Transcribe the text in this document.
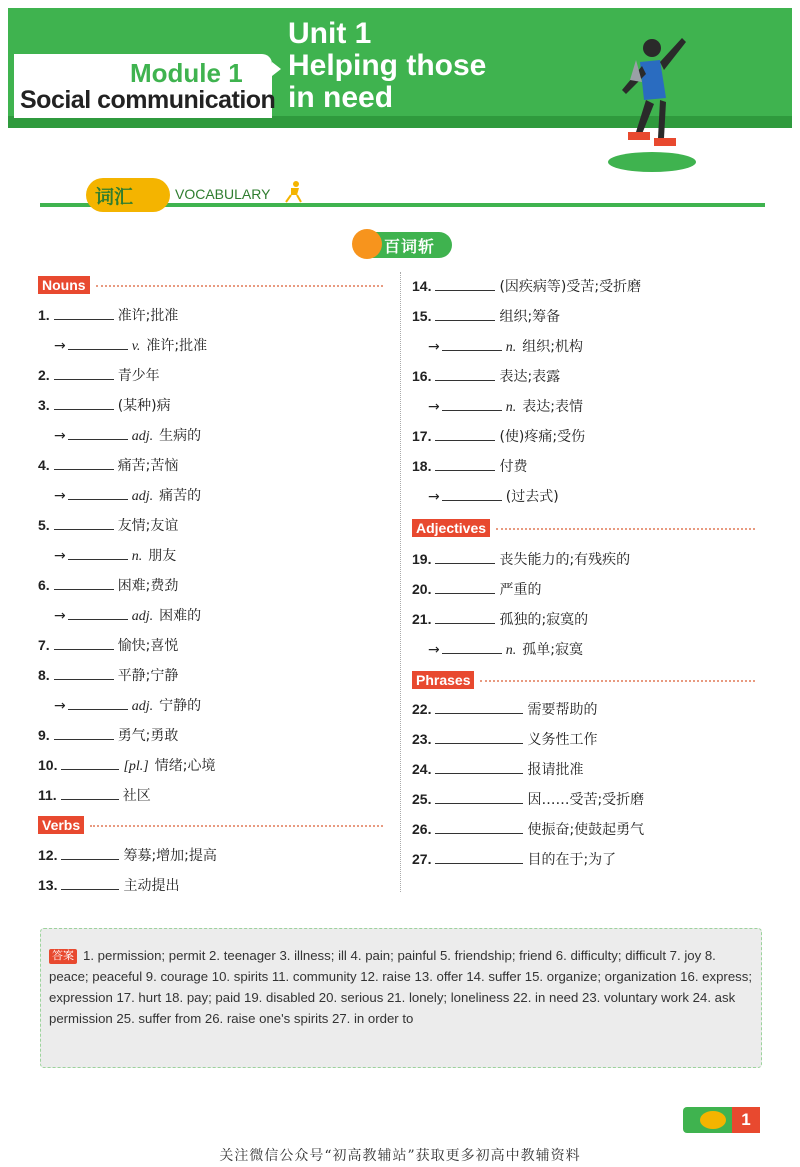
Module 1
Social communication
Unit 1
Helping those
in need
词汇	VOCABULARY
百词斩
Nouns
1.	准许;批准
→	v. 准许;批准
2.	青少年
3.	(某种)病
→	adj. 生病的
4.	痛苦;苦恼
→	adj. 痛苦的
5.	友情;友谊
→	n. 朋友
6.	困难;费劲
→	adj. 困难的
7.	愉快;喜悦
8.	平静;宁静
→	adj. 宁静的
9.	勇气;勇敢
10.	[pl.] 情绪;心境
11.	社区
12.	筹募;增加;提高
13.	主动提出
Verbs
14.	(因疾病等)受苦;受折磨
15.	组织;筹备
→	n. 组织;机构
16.	表达;表露
→	n. 表达;表情
17.	(使)疼痛;受伤
18.	付费
→	(过去式)
19.	丧失能力的;有残疾的
20.	严重的
21.	孤独的;寂寞的
→	n. 孤单;寂寞
22.	需要帮助的
23.	义务性工作
24.	报请批准
25.	因……受苦;受折磨
26.	使振奋;使鼓起勇气
27.	目的在于;为了
Adjectives
Phrases
答案 1. permission; permit 2. teenager 3. illness; ill 4. pain; painful 5. friendship; friend 6. difficulty; difficult 7. joy 8. peace; peaceful 9. courage 10. spirits 11. community 12. raise 13. offer 14. suffer 15. organize; organization 16. express; expression 17. hurt 18. pay; paid 19. disabled 20. serious 21. lonely; loneliness 22. in need 23. voluntary work 24. ask permission 25. suffer from 26. raise one's spirits 27. in order to
1
关注微信公众号“初高教辅站”获取更多初高中教辅资料
